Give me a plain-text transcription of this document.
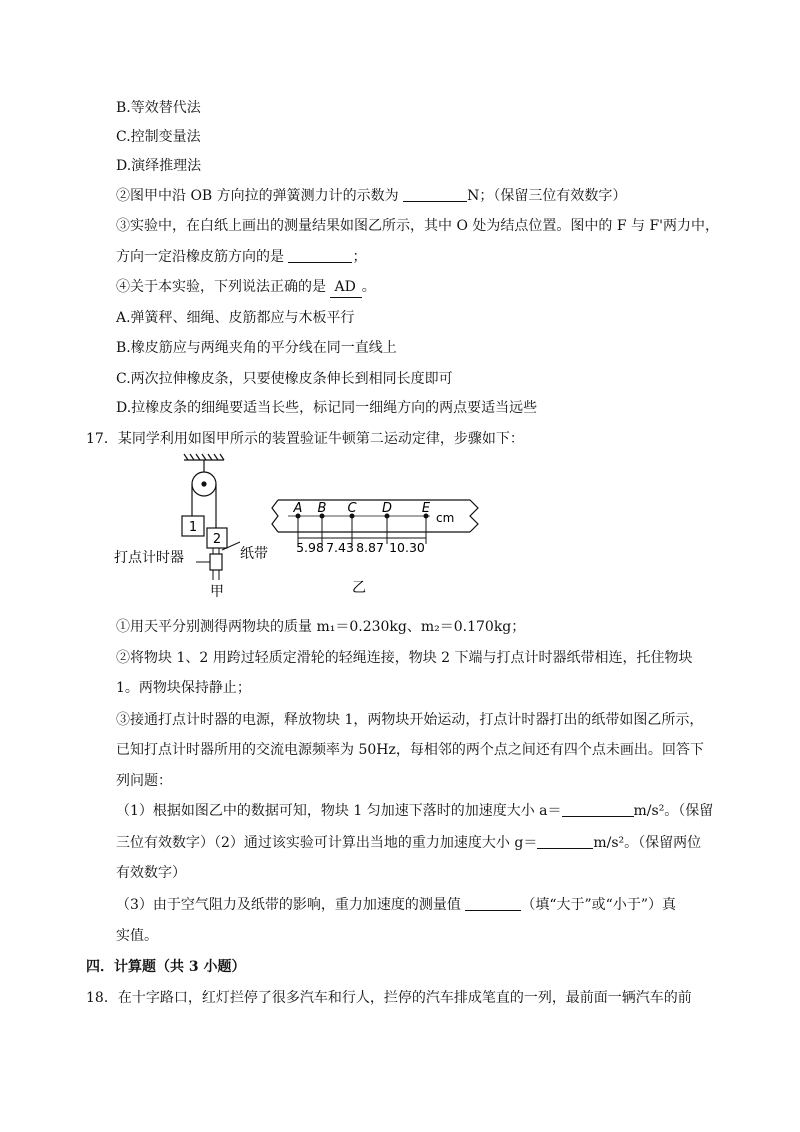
B.等效替代法
C.控制变量法
D.演绎推理法
②图甲中沿 OB 方向拉的弹簧测力计的示数为	N；（保留三位有效数字）
③实验中，在白纸上画出的测量结果如图乙所示，其中 O 处为结点位置。图中的 F 与 F'两力中，
方向一定沿橡皮筋方向的是	；
④关于本实验，下列说法正确的是 AD 。
A.弹簧秤、细绳、皮筋都应与木板平行
B.橡皮筋应与两绳夹角的平分线在同一直线上
C.两次拉伸橡皮条，只要使橡皮条伸长到相同长度即可
D.拉橡皮条的细绳要适当长些，标记同一细绳方向的两点要适当远些
17．某同学利用如图甲所示的装置验证牛顿第二运动定律，步骤如下：
1
2
打点计时器	纸带
甲
A B C D E
cm
5.98 7.43 8.87 10.30
乙
①用天平分别测得两物块的质量 m₁＝0.230kg、m₂＝0.170kg；
②将物块 1、2 用跨过轻质定滑轮的轻绳连接，物块 2 下端与打点计时器纸带相连，托住物块
1。两物块保持静止；
③接通打点计时器的电源，释放物块 1，两物块开始运动，打点计时器打出的纸带如图乙所示，
已知打点计时器所用的交流电源频率为 50Hz，每相邻的两个点之间还有四个点未画出。回答下
列问题：
（1）根据如图乙中的数据可知，物块 1 匀加速下落时的加速度大小 a＝	m/s²。（保留
三位有效数字）（2）通过该实验可计算出当地的重力加速度大小 g＝	m/s²。（保留两位
有效数字）
（3）由于空气阻力及纸带的影响，重力加速度的测量值	（填“大于”或“小于”）真
实值。
四．计算题（共 3 小题）
18．在十字路口，红灯拦停了很多汽车和行人，拦停的汽车排成笔直的一列，最前面一辆汽车的前
